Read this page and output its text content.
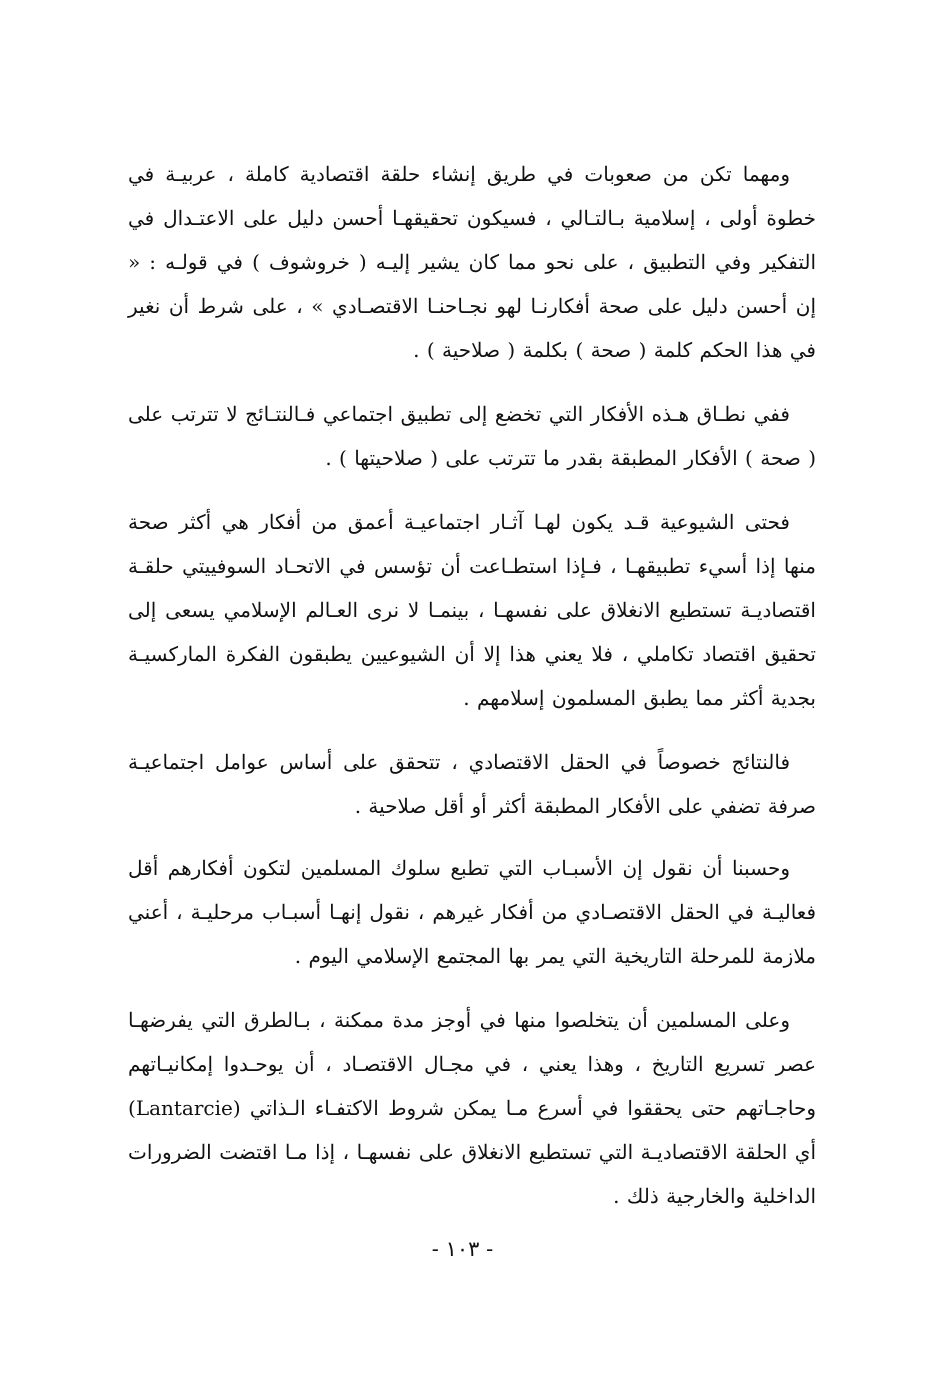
ومهما تكن من صعوبات في طريق إنشاء حلقة اقتصادية كاملة ، عربيـة في خطوة أولى ، إسلامية بـالتـالي ، فسيكون تحقيقهـا أحسن دليل على الاعتـدال في التفكير وفي التطبيق ، على نحو مما كان يشير إليـه ( خروشوف ) في قولـه : « إن أحسن دليل على صحة أفكارنـا لهو نجـاحنـا الاقتصـادي » ، على شرط أن نغير في هذا الحكم كلمة ( صحة ) بكلمة ( صلاحية ) .

ففي نطـاق هـذه الأفكار التي تخضع إلى تطبيق اجتماعي فـالنتـائج لا تترتب على ( صحة ) الأفكار المطبقة بقدر ما تترتب على ( صلاحيتها ) .

فحتى الشيوعية قـد يكون لهـا آثـار اجتماعيـة أعمق من أفكار هي أكثر صحة منها إذا أسيء تطبيقهـا ، فـإذا استطـاعت أن تؤسس في الاتحـاد السوفييتي حلقـة اقتصاديـة تستطيع الانغلاق على نفسهـا ، بينمـا لا نرى العـالم الإسلامي يسعى إلى تحقيق اقتصاد تكاملي ، فلا يعني هذا إلا أن الشيوعيين يطبقون الفكرة الماركسيـة بجدية أكثر مما يطبق المسلمون إسلامهم .

فالنتائج خصوصاً في الحقل الاقتصادي ، تتحقق على أساس عوامل اجتماعيـة صرفة تضفي على الأفكار المطبقة أكثر أو أقل صلاحية .

وحسبنا أن نقول إن الأسبـاب التي تطبع سلوك المسلمين لتكون أفكارهم أقل فعاليـة في الحقل الاقتصـادي من أفكار غيرهم ، نقول إنهـا أسبـاب مرحليـة ، أعني ملازمة للمرحلة التاريخية التي يمر بها المجتمع الإسلامي اليوم .

وعلى المسلمين أن يتخلصوا منها في أوجز مدة ممكنة ، بـالطرق التي يفرضهـا عصر تسريع التاريخ ، وهذا يعني ، في مجـال الاقتصـاد ، أن يوحـدوا إمكانيـاتهم وحاجـاتهم حتى يحققوا في أسرع مـا يمكن شروط الاكتفـاء الـذاتي (Lantarcie) أي الحلقة الاقتصاديـة التي تستطيع الانغلاق على نفسهـا ، إذا مـا اقتضت الضرورات الداخلية والخارجية ذلك .

- ١٠٣ -
